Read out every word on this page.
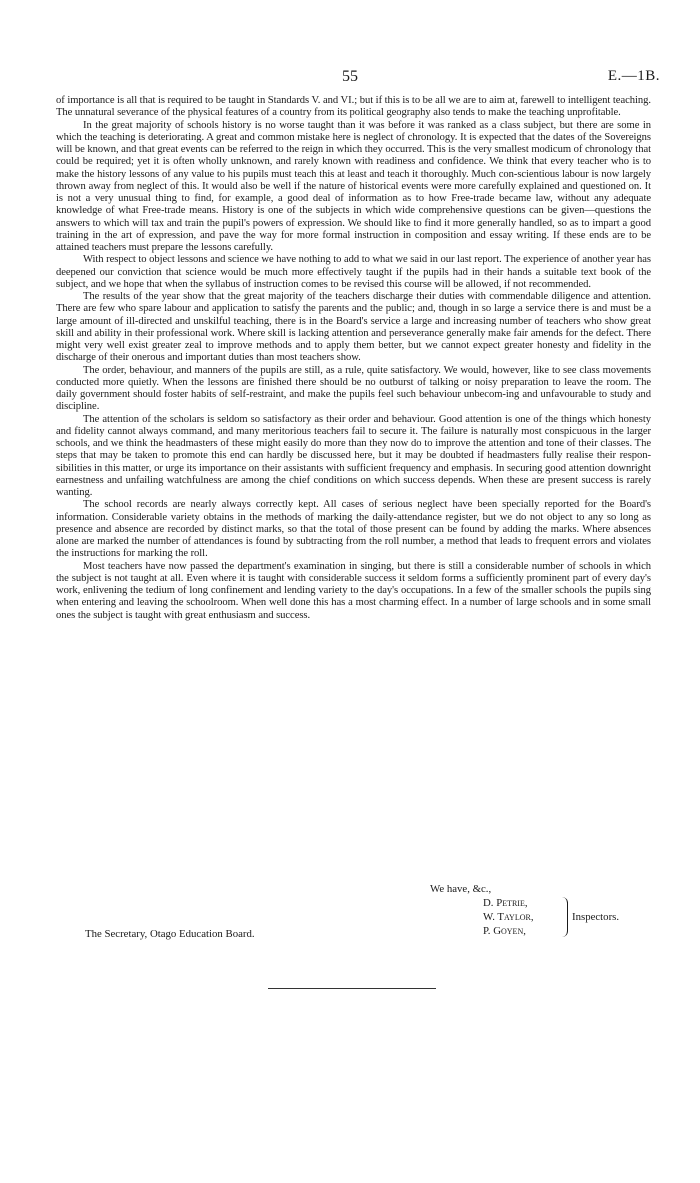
55	E.—1B.

of importance is all that is required to be taught in Standards V. and VI.; but if this is to be all we are to aim at, farewell to intelligent teaching. The unnatural severance of the physical features of a country from its political geography also tends to make the teaching unprofitable.

In the great majority of schools history is no worse taught than it was before it was ranked as a class subject, but there are some in which the teaching is deteriorating. A great and common mistake here is neglect of chronology. It is expected that the dates of the Sovereigns will be known, and that great events can be referred to the reign in which they occurred. This is the very smallest modicum of chronology that could be required; yet it is often wholly unknown, and rarely known with readiness and confidence. We think that every teacher who is to make the history lessons of any value to his pupils must teach this at least and teach it thoroughly. Much con-scientious labour is now largely thrown away from neglect of this. It would also be well if the nature of historical events were more carefully explained and questioned on. It is not a very unusual thing to find, for example, a good deal of information as to how Free-trade became law, without any adequate knowledge of what Free-trade means. History is one of the subjects in which wide comprehensive questions can be given—questions the answers to which will tax and train the pupil's powers of expression. We should like to find it more generally handled, so as to impart a good training in the art of expression, and pave the way for more formal instruction in composition and essay writing. If these ends are to be attained teachers must prepare the lessons carefully.

With respect to object lessons and science we have nothing to add to what we said in our last report. The experience of another year has deepened our conviction that science would be much more effectively taught if the pupils had in their hands a suitable text book of the subject, and we hope that when the syllabus of instruction comes to be revised this course will be allowed, if not recommended.

The results of the year show that the great majority of the teachers discharge their duties with commendable diligence and attention. There are few who spare labour and application to satisfy the parents and the public; and, though in so large a service there is and must be a large amount of ill-directed and unskilful teaching, there is in the Board's service a large and increasing number of teachers who show great skill and ability in their professional work. Where skill is lacking attention and perseverance generally make fair amends for the defect. There might very well exist greater zeal to improve methods and to apply them better, but we cannot expect greater honesty and fidelity in the discharge of their onerous and important duties than most teachers show.

The order, behaviour, and manners of the pupils are still, as a rule, quite satisfactory. We would, however, like to see class movements conducted more quietly. When the lessons are finished there should be no outburst of talking or noisy preparation to leave the room. The daily government should foster habits of self-restraint, and make the pupils feel such behaviour unbecom-ing and unfavourable to study and discipline.

The attention of the scholars is seldom so satisfactory as their order and behaviour. Good attention is one of the things which honesty and fidelity cannot always command, and many meritorious teachers fail to secure it. The failure is naturally most conspicuous in the larger schools, and we think the headmasters of these might easily do more than they now do to improve the attention and tone of their classes. The steps that may be taken to promote this end can hardly be discussed here, but it may be doubted if headmasters fully realise their respon-sibilities in this matter, or urge its importance on their assistants with sufficient frequency and emphasis. In securing good attention downright earnestness and unfailing watchfulness are among the chief conditions on which success depends. When these are present success is rarely wanting.

The school records are nearly always correctly kept. All cases of serious neglect have been specially reported for the Board's information. Considerable variety obtains in the methods of marking the daily-attendance register, but we do not object to any so long as presence and absence are recorded by distinct marks, so that the total of those present can be found by adding the marks. Where absences alone are marked the number of attendances is found by subtracting from the roll number, a method that leads to frequent errors and violates the instructions for marking the roll.

Most teachers have now passed the department's examination in singing, but there is still a considerable number of schools in which the subject is not taught at all. Even where it is taught with considerable success it seldom forms a sufficiently prominent part of every day's work, enlivening the tedium of long confinement and lending variety to the day's occupations. In a few of the smaller schools the pupils sing when entering and leaving the schoolroom. When well done this has a most charming effect. In a number of large schools and in some small ones the subject is taught with great enthusiasm and success.

We have, &c.,
D. Petrie,
W. Taylor,
P. Goyen,
Inspectors.
The Secretary, Otago Education Board.
